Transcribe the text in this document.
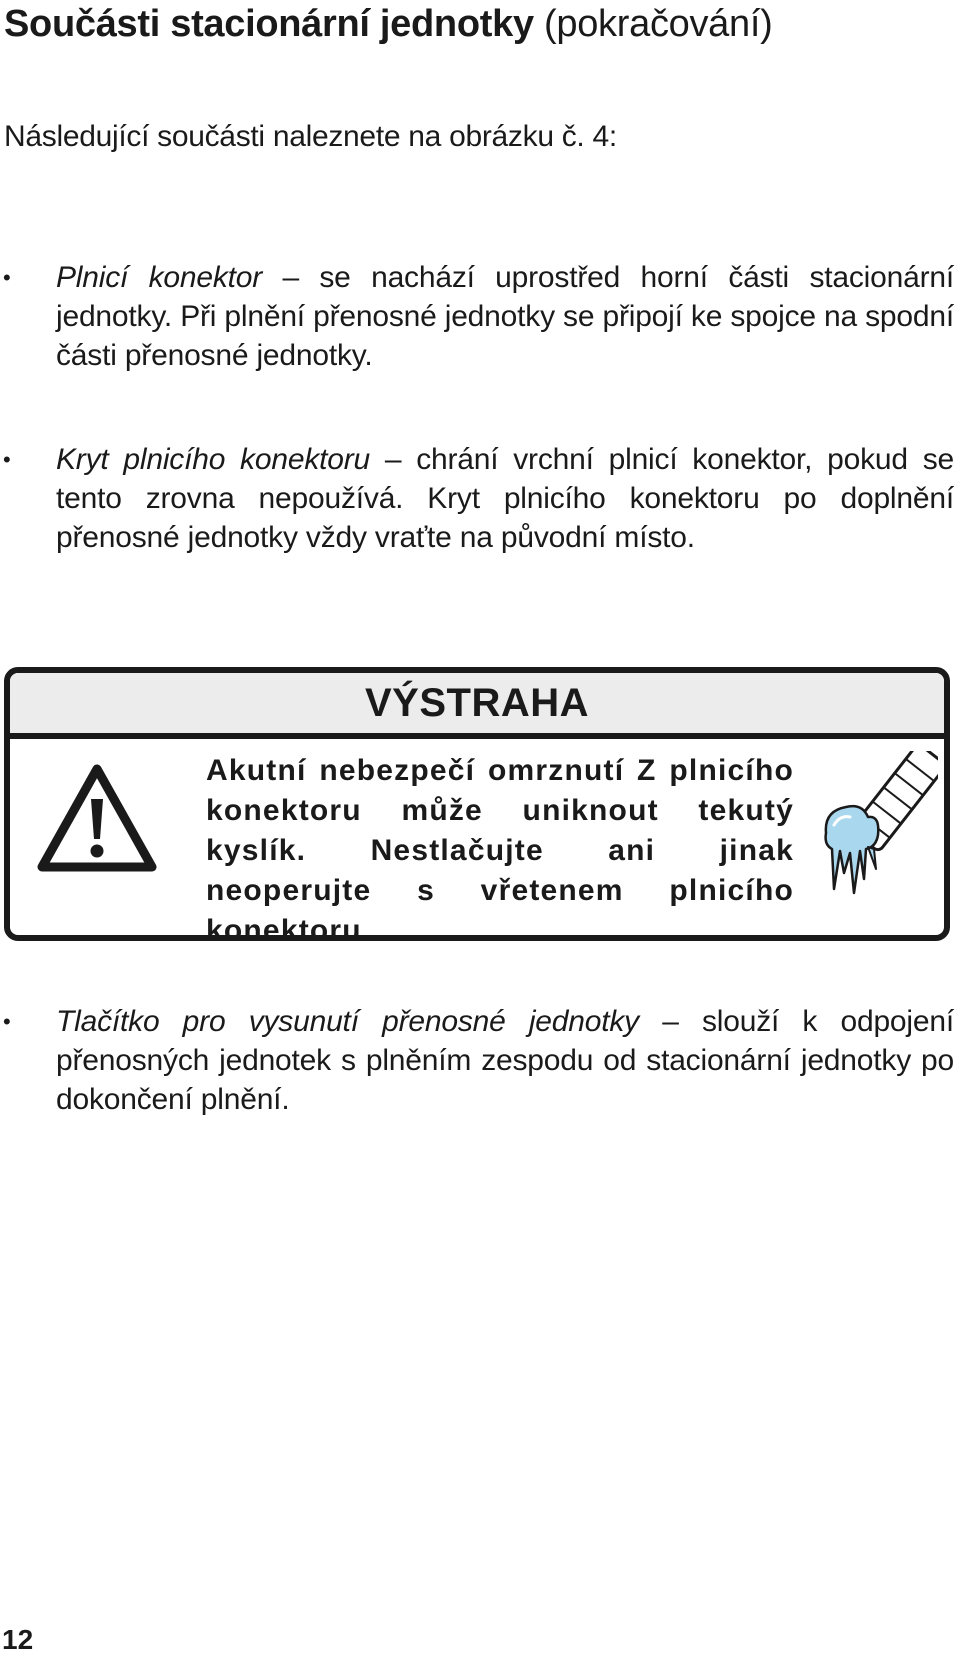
Součásti stacionární jednotky (pokračování)

Následující součásti naleznete na obrázku č. 4:

• Plnicí konektor – se nachází uprostřed horní části stacionární jednotky. Při plnění přenosné jednotky se připojí ke spojce na spodní části přenosné jednotky.
• Kryt plnicího konektoru – chrání vrchní plnicí konektor, pokud se tento zrovna nepoužívá. Kryt plnicího konektoru po doplnění přenosné jednotky vždy vraťte na původní místo.
VÝSTRAHA
Akutní nebezpečí omrznutí Z plnicího konektoru může uniknout tekutý kyslík. Nestlačujte ani jinak neoperujte s vřetenem plnicího konektoru.
• Tlačítko pro vysunutí přenosné jednotky – slouží k odpojení přenosných jednotek s plněním zespodu od stacionární jednotky po dokončení plnění.
12
